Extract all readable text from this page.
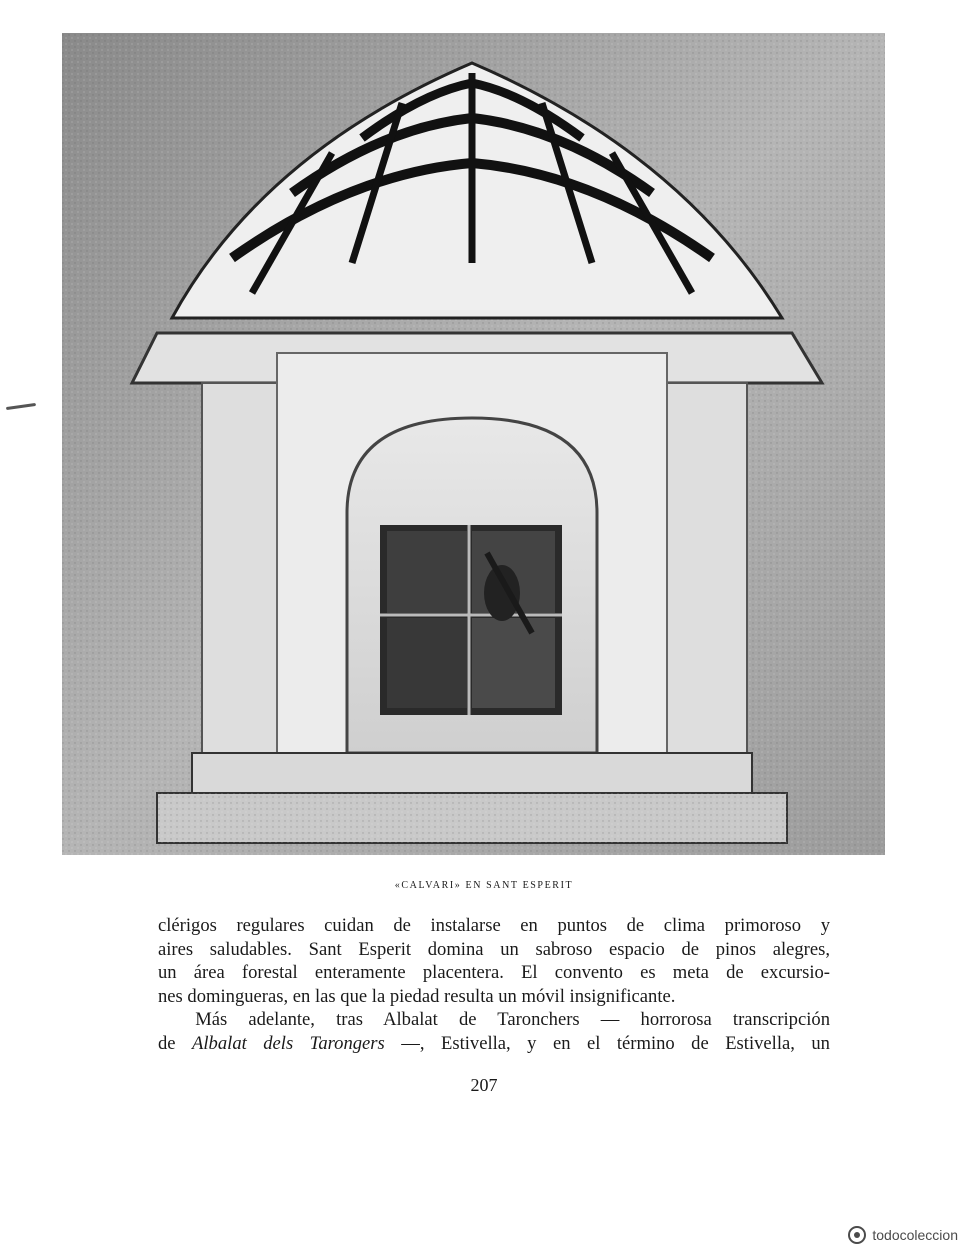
«CALVARI» EN SANT ESPERIT

clérigos regulares cuidan de instalarse en puntos de clima primoroso y
aires saludables. Sant Esperit domina un sabroso espacio de pinos alegres,
un área forestal enteramente placentera. El convento es meta de excursio-
nes domingueras, en las que la piedad resulta un móvil insignificante.

Más adelante, tras Albalat de Taronchers — horrorosa transcripción
de Albalat dels Tarongers —, Estivella, y en el término de Estivella, un

207
todocoleccion
